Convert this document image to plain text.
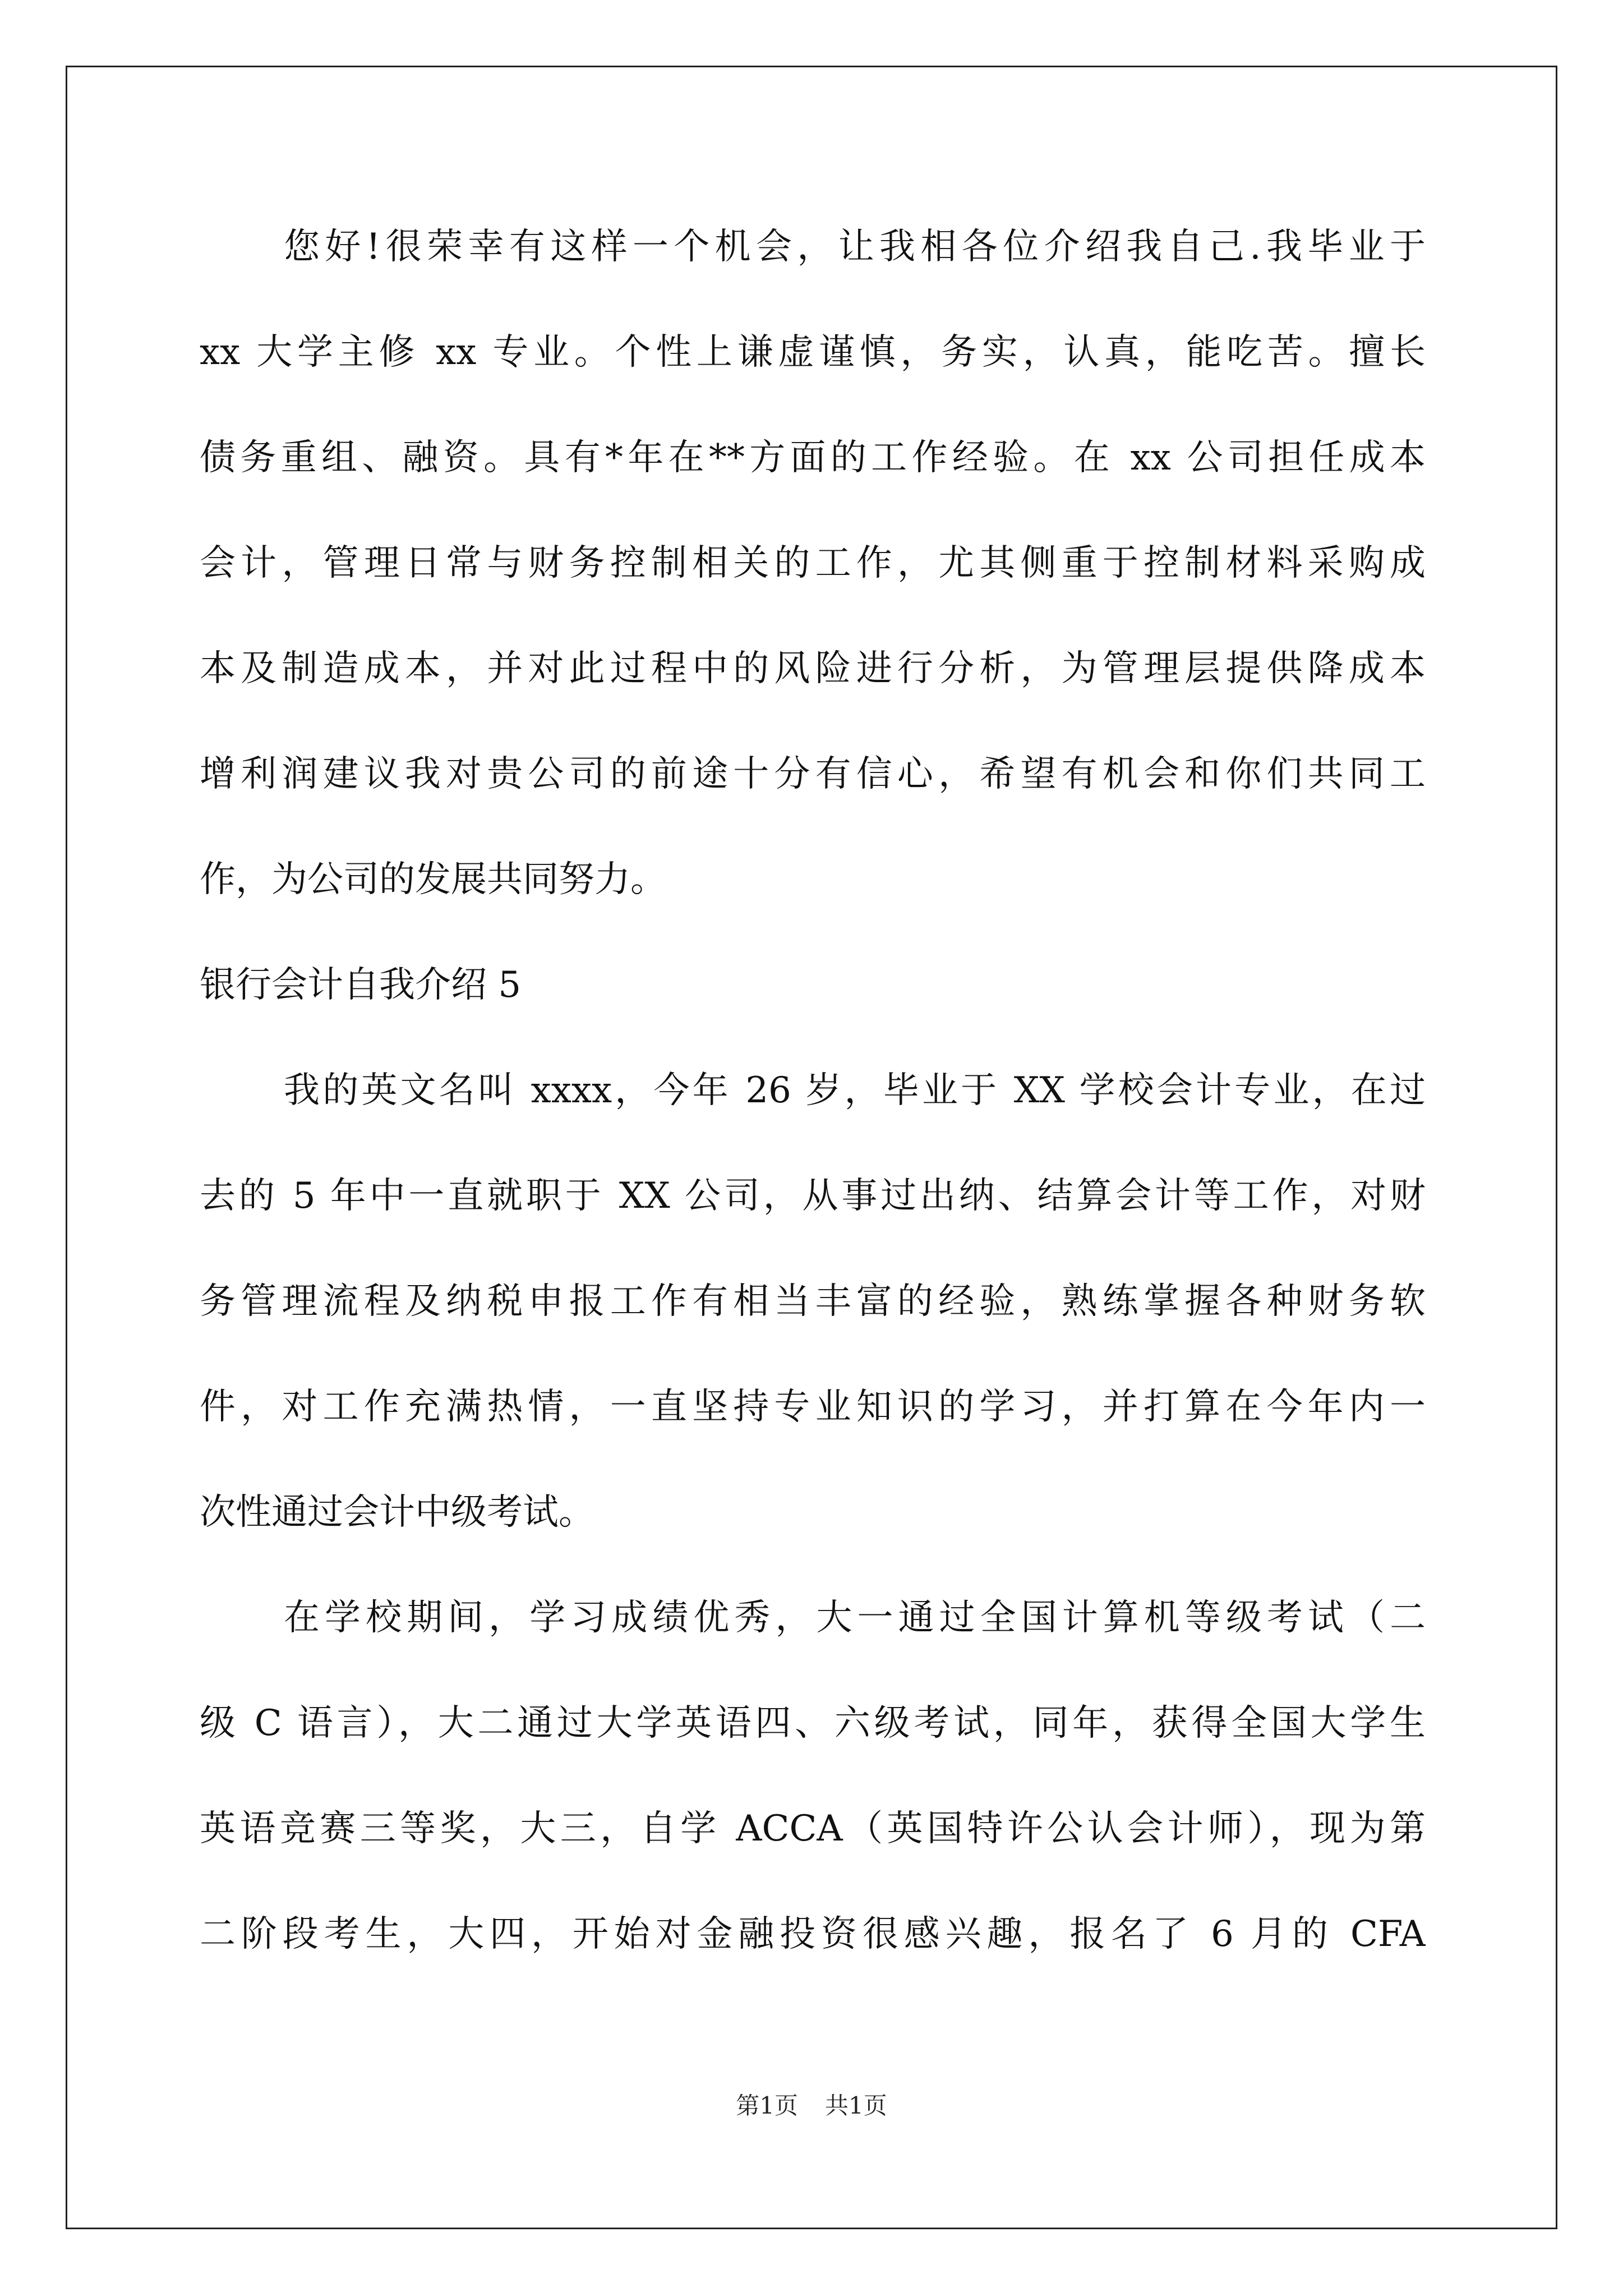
您好!很荣幸有这样一个机会，让我相各位介绍我自己.我毕业于
xx 大学主修 xx 专业。个性上谦虚谨慎，务实，认真，能吃苦。擅长
债务重组、融资。具有*年在**方面的工作经验。在 xx 公司担任成本
会计，管理日常与财务控制相关的工作，尤其侧重于控制材料采购成
本及制造成本，并对此过程中的风险进行分析，为管理层提供降成本
增利润建议我对贵公司的前途十分有信心，希望有机会和你们共同工
作，为公司的发展共同努力。
银行会计自我介绍 5
我的英文名叫 xxxx，今年 26 岁，毕业于 XX 学校会计专业，在过
去的 5 年中一直就职于 XX 公司，从事过出纳、结算会计等工作，对财
务管理流程及纳税申报工作有相当丰富的经验，熟练掌握各种财务软
件，对工作充满热情，一直坚持专业知识的学习，并打算在今年内一
次性通过会计中级考试。
在学校期间，学习成绩优秀，大一通过全国计算机等级考试（二
级 C 语言），大二通过大学英语四、六级考试，同年，获得全国大学生
英语竞赛三等奖，大三，自学 ACCA（英国特许公认会计师），现为第
二阶段考生，大四，开始对金融投资很感兴趣，报名了 6 月的 CFA
第1页 共1页
